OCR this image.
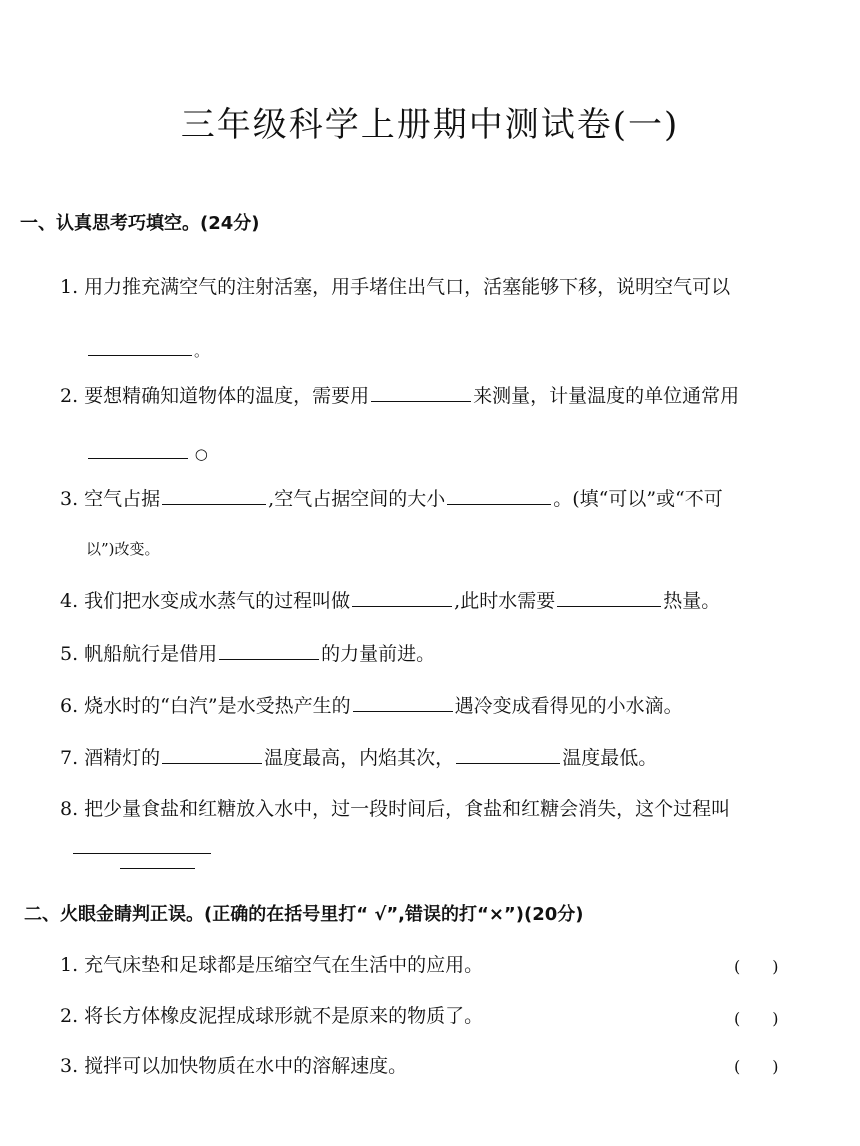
三年级科学上册期中测试卷(一)
一、认真思考巧填空。(24分)
1. 用力推充满空气的注射活塞，用手堵住出气口，活塞能够下移，说明空气可以
。
2. 要想精确知道物体的温度，需要用	来测量，计量温度的单位通常用
○
3. 空气占据	,空气占据空间的大小	。(填“可以”或“不可
以”)改变。
4. 我们把水变成水蒸气的过程叫做	,此时水需要	热量。
5. 帆船航行是借用	的力量前进。
6. 烧水时的“白汽”是水受热产生的	遇冷变成看得见的小水滴。
7. 酒精灯的	温度最高，内焰其次，	温度最低。
8. 把少量食盐和红糖放入水中，过一段时间后，食盐和红糖会消失，这个过程叫
二、火眼金睛判正误。(正确的在括号里打“ √”,错误的打“×”)(20分)
1. 充气床垫和足球都是压缩空气在生活中的应用。	(　　)
2. 将长方体橡皮泥捏成球形就不是原来的物质了。	(　　)
3. 搅拌可以加快物质在水中的溶解速度。	(　　)
